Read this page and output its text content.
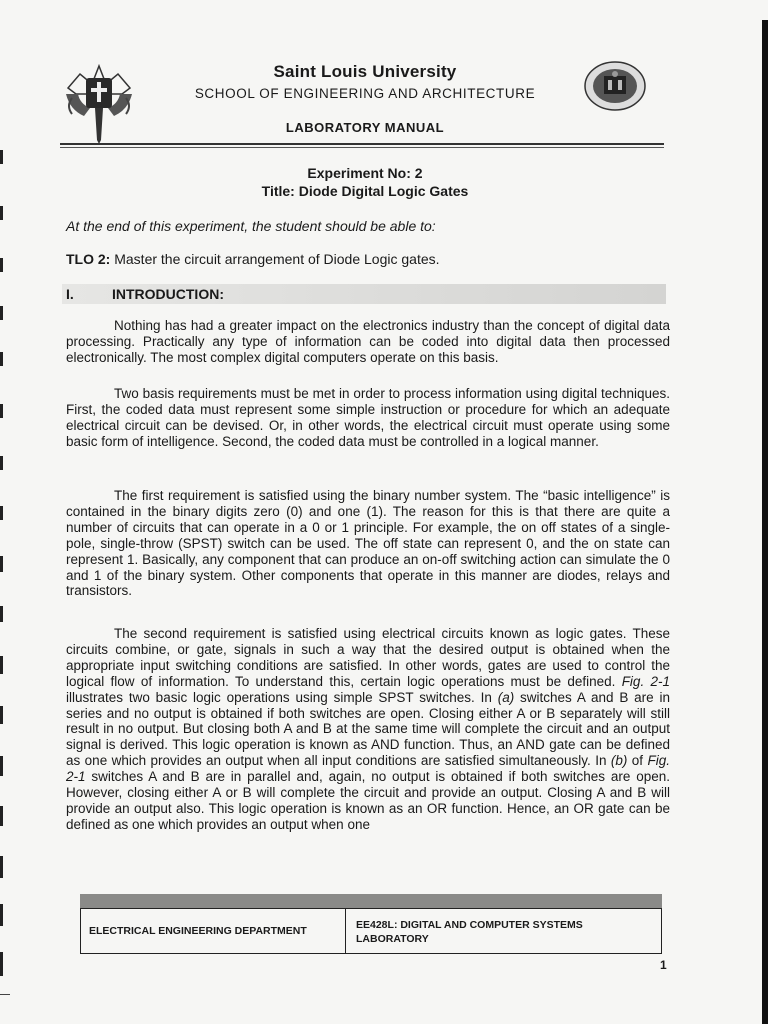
Saint Louis University
SCHOOL OF ENGINEERING AND ARCHITECTURE
LABORATORY MANUAL
Experiment No: 2
Title: Diode Digital Logic Gates
At the end of this experiment, the student should be able to:
TLO 2: Master the circuit arrangement of Diode Logic gates.
I.	INTRODUCTION:

Nothing has had a greater impact on the electronics industry than the concept of digital data processing. Practically any type of information can be coded into digital data then processed electronically. The most complex digital computers operate on this basis.

Two basis requirements must be met in order to process information using digital techniques. First, the coded data must represent some simple instruction or procedure for which an adequate electrical circuit can be devised. Or, in other words, the electrical circuit must operate using some basic form of intelligence. Second, the coded data must be controlled in a logical manner.

The first requirement is satisfied using the binary number system. The “basic intelligence” is contained in the binary digits zero (0) and one (1). The reason for this is that there are quite a number of circuits that can operate in a 0 or 1 principle. For example, the on off states of a single-pole, single-throw (SPST) switch can be used. The off state can represent 0, and the on state can represent 1. Basically, any component that can produce an on-off switching action can simulate the 0 and 1 of the binary system. Other components that operate in this manner are diodes, relays and transistors.

The second requirement is satisfied using electrical circuits known as logic gates. These circuits combine, or gate, signals in such a way that the desired output is obtained when the appropriate input switching conditions are satisfied. In other words, gates are used to control the logical flow of information. To understand this, certain logic operations must be defined. Fig. 2-1 illustrates two basic logic operations using simple SPST switches. In (a) switches A and B are in series and no output is obtained if both switches are open. Closing either A or B separately will still result in no output. But closing both A and B at the same time will complete the circuit and an output signal is derived. This logic operation is known as AND function. Thus, an AND gate can be defined as one which provides an output when all input conditions are satisfied simultaneously. In (b) of Fig. 2-1 switches A and B are in parallel and, again, no output is obtained if both switches are open. However, closing either A or B will complete the circuit and provide an output. Closing A and B will provide an output also. This logic operation is known as an OR function. Hence, an OR gate can be defined as one which provides an output when one

ELECTRICAL ENGINEERING DEPARTMENT	EE428L: DIGITAL AND COMPUTER SYSTEMS
LABORATORY
1
